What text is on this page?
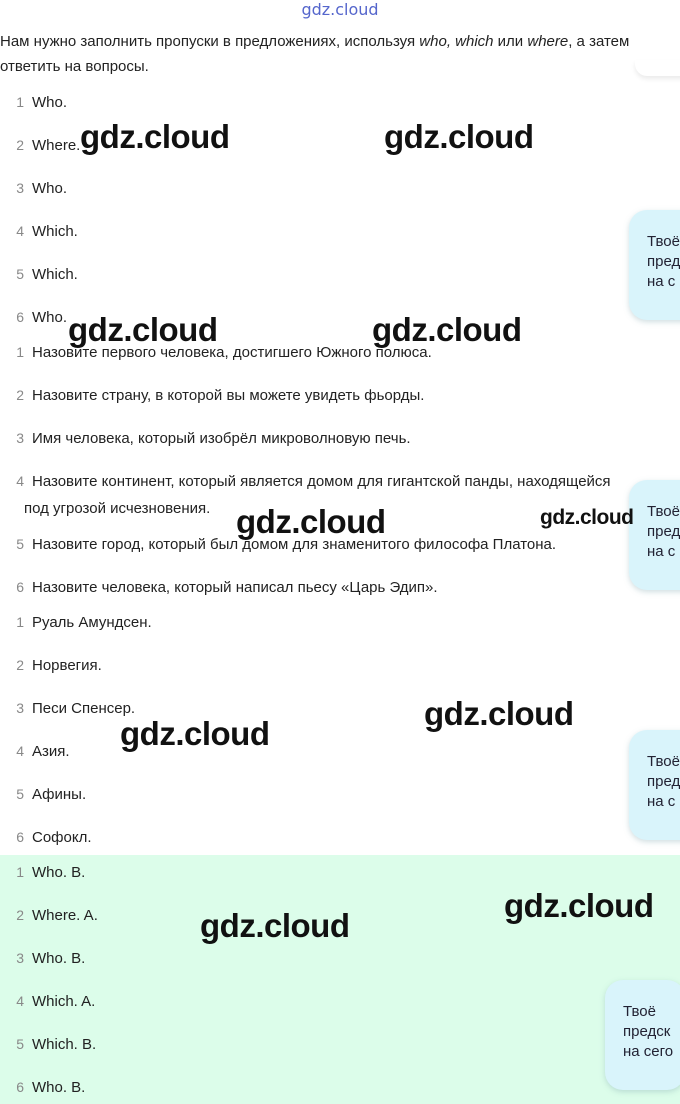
gdz.cloud
Нам нужно заполнить пропуски в предложениях, используя who, which или where, а затем ответить на вопросы.
1 Who.
2 Where.
3 Who.
4 Which.
5 Which.
6 Who.
1 Назовите первого человека, достигшего Южного полюса.
2 Назовите страну, в которой вы можете увидеть фьорды.
3 Имя человека, который изобрёл микроволновую печь.
4 Назовите континент, который является домом для гигантской панды, находящейся
под угрозой исчезновения.
5 Назовите город, который был домом для знаменитого философа Платона.
6 Назовите человека, который написал пьесу «Царь Эдип».
1 Руаль Амундсен.
2 Норвегия.
3 Песи Спенсер.
4 Азия.
5 Афины.
6 Софокл.
1 Who. B.
2 Where. A.
3 Who. B.
4 Which. A.
5 Which. B.
6 Who. B.
Твоё
пред
на с
Твоё
пред
на с
Твоё
пред
на с
Твоё
предск
на сего
gdz.cloud	gdz.cloud
gdz.cloud	gdz.cloud
gdz.cloud	gdz.cloud
gdz.cloud
gdz.cloud
gdz.cloud
gdz.cloud
